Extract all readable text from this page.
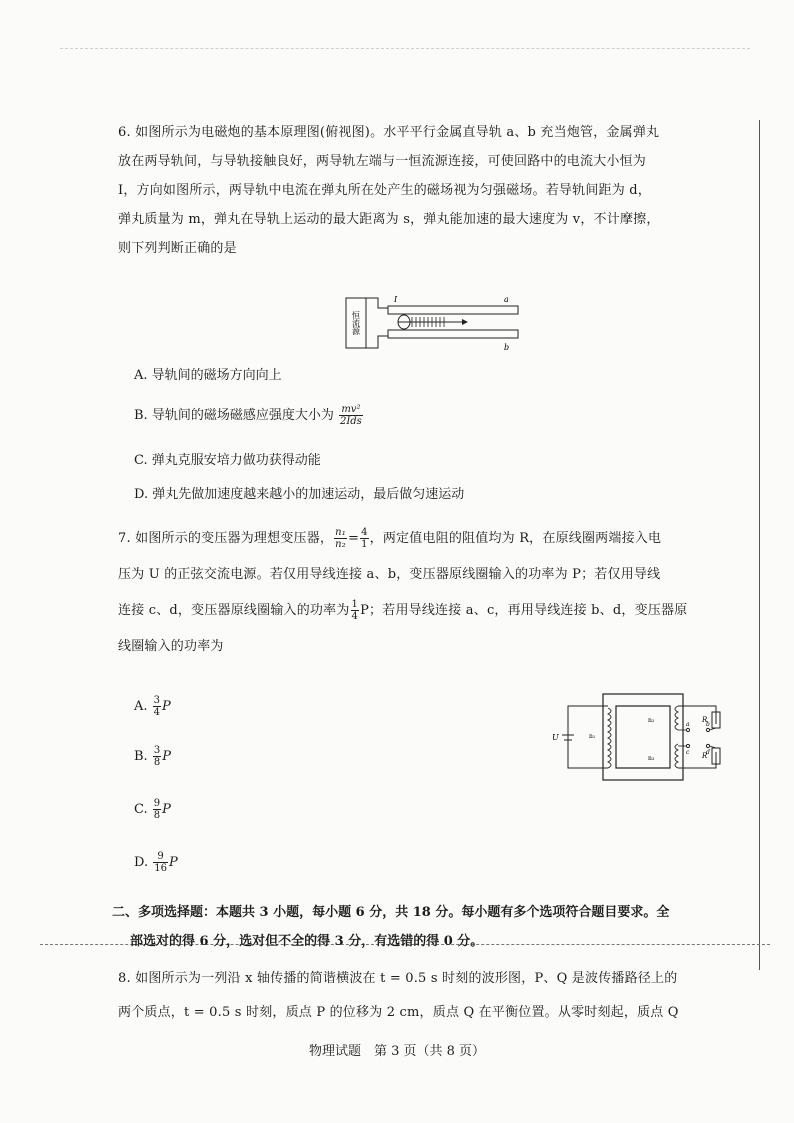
6. 如图所示为电磁炮的基本原理图(俯视图)。水平平行金属直导轨 a、b 充当炮管，金属弹丸
放在两导轨间，与导轨接触良好，两导轨左端与一恒流源连接，可使回路中的电流大小恒为
I，方向如图所示，两导轨中电流在弹丸所在处产生的磁场视为匀强磁场。若导轨间距为 d，
弹丸质量为 m，弹丸在导轨上运动的最大距离为 s，弹丸能加速的最大速度为 v，不计摩擦，
则下列判断正确的是
恒流源
I	a
b
A. 导轨间的磁场方向向上
B. 导轨间的磁场磁感应强度大小为 $\frac{\text{mv²}}{\text{2Ids}}$
C. 弹丸克服安培力做功获得动能
D. 弹丸先做加速度越来越小的加速运动，最后做匀速运动
7. 如图所示的变压器为理想变压器， $\frac{\text{n₁}}{\text{n₂}} = \frac{4}{1}$ ，两定值电阻的阻值均为 R，在原线圈两端接入电
压为 U 的正弦交流电源。若仅用导线连接 a、b，变压器原线圈输入的功率为 P；若仅用导线
连接 c、d，变压器原线圈输入的功率为 $\frac{1}{4}$ P；若用导线连接 a、c，再用导线连接 b、d，变压器原
线圈输入的功率为
A. $\frac{3}{4}$ P
B. $\frac{3}{8}$ P
C. $\frac{9}{8}$ P
D. $\frac{9}{16}$ P
U	n₁
n₂
n₃
R
R
a	b
c	d
二、多项选择题：本题共 3 小题，每小题 6 分，共 18 分。每小题有多个选项符合题目要求。全
部选对的得 6 分，选对但不全的得 3 分，有选错的得 0 分。
8. 如图所示为一列沿 x 轴传播的简谐横波在 t = 0.5 s 时刻的波形图，P、Q 是波传播路径上的
两个质点，t = 0.5 s 时刻，质点 P 的位移为 2 cm，质点 Q 在平衡位置。从零时刻起，质点 Q
物理试题　第 3 页（共 8 页）
